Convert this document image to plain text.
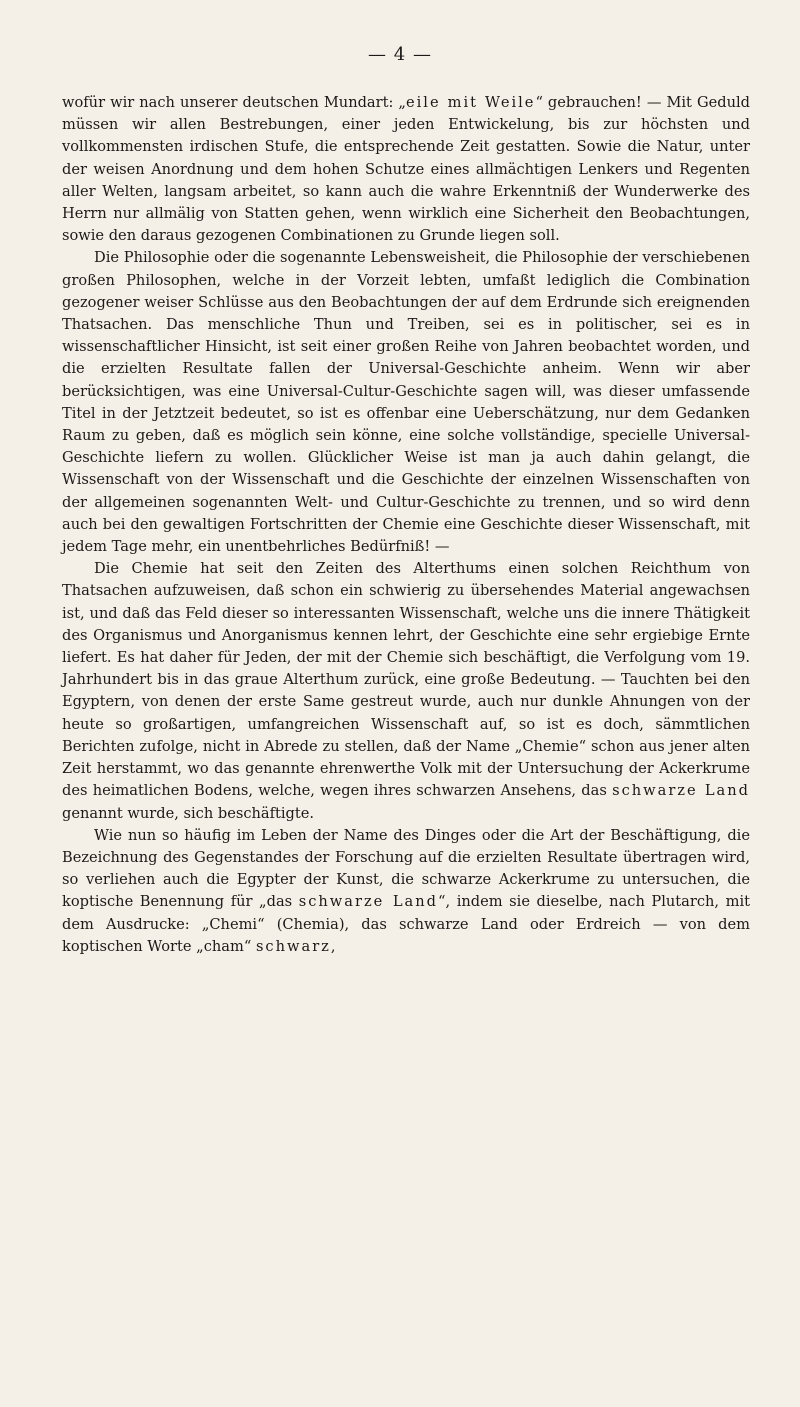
— 4 —

wofür wir nach unserer deutschen Mundart: „eile mit Weile“ gebrauchen! — Mit Geduld müssen wir allen Bestrebungen, einer jeden Entwickelung, bis zur höchsten und vollkommensten irdischen Stufe, die entsprechende Zeit gestatten. Sowie die Natur, unter der weisen Anordnung und dem hohen Schutze eines allmächtigen Lenkers und Regenten aller Welten, langsam arbeitet, so kann auch die wahre Erkenntniß der Wunderwerke des Herrn nur allmälig von Statten gehen, wenn wirklich eine Sicherheit den Beobachtungen, sowie den daraus gezogenen Combinationen zu Grunde liegen soll.

Die Philosophie oder die sogenannte Lebensweisheit, die Philosophie der verschiebenen großen Philosophen, welche in der Vorzeit lebten, umfaßt lediglich die Combination gezogener weiser Schlüsse aus den Beobachtungen der auf dem Erdrunde sich ereignenden Thatsachen. Das menschliche Thun und Treiben, sei es in politischer, sei es in wissenschaftlicher Hinsicht, ist seit einer großen Reihe von Jahren beobachtet worden, und die erzielten Resultate fallen der Universal-Geschichte anheim. Wenn wir aber berücksichtigen, was eine Universal-Cultur-Geschichte sagen will, was dieser umfassende Titel in der Jetztzeit bedeutet, so ist es offenbar eine Ueberschätzung, nur dem Gedanken Raum zu geben, daß es möglich sein könne, eine solche vollständige, specielle Universal-Geschichte liefern zu wollen. Glücklicher Weise ist man ja auch dahin gelangt, die Wissenschaft von der Wissenschaft und die Geschichte der einzelnen Wissenschaften von der allgemeinen sogenannten Welt- und Cultur-Geschichte zu trennen, und so wird denn auch bei den gewaltigen Fortschritten der Chemie eine Geschichte dieser Wissenschaft, mit jedem Tage mehr, ein unentbehrliches Bedürfniß! —

Die Chemie hat seit den Zeiten des Alterthums einen solchen Reichthum von Thatsachen aufzuweisen, daß schon ein schwierig zu übersehendes Material angewachsen ist, und daß das Feld dieser so interessanten Wissenschaft, welche uns die innere Thätigkeit des Organismus und Anorganismus kennen lehrt, der Geschichte eine sehr ergiebige Ernte liefert. Es hat daher für Jeden, der mit der Chemie sich beschäftigt, die Verfolgung vom 19. Jahrhundert bis in das graue Alterthum zurück, eine große Bedeutung. — Tauchten bei den Egyptern, von denen der erste Same gestreut wurde, auch nur dunkle Ahnungen von der heute so großartigen, umfangreichen Wissenschaft auf, so ist es doch, sämmtlichen Berichten zufolge, nicht in Abrede zu stellen, daß der Name „Chemie“ schon aus jener alten Zeit herstammt, wo das genannte ehrenwerthe Volk mit der Untersuchung der Ackerkrume des heimatlichen Bodens, welche, wegen ihres schwarzen Ansehens, das schwarze Land genannt wurde, sich beschäftigte.

Wie nun so häufig im Leben der Name des Dinges oder die Art der Beschäftigung, die Bezeichnung des Gegenstandes der Forschung auf die erzielten Resultate übertragen wird, so verliehen auch die Egypter der Kunst, die schwarze Ackerkrume zu untersuchen, die koptische Benennung für „das schwarze Land“, indem sie dieselbe, nach Plutarch, mit dem Ausdrucke: „Chemi“ (Chemia), das schwarze Land oder Erdreich — von dem koptischen Worte „cham“ schwarz,
